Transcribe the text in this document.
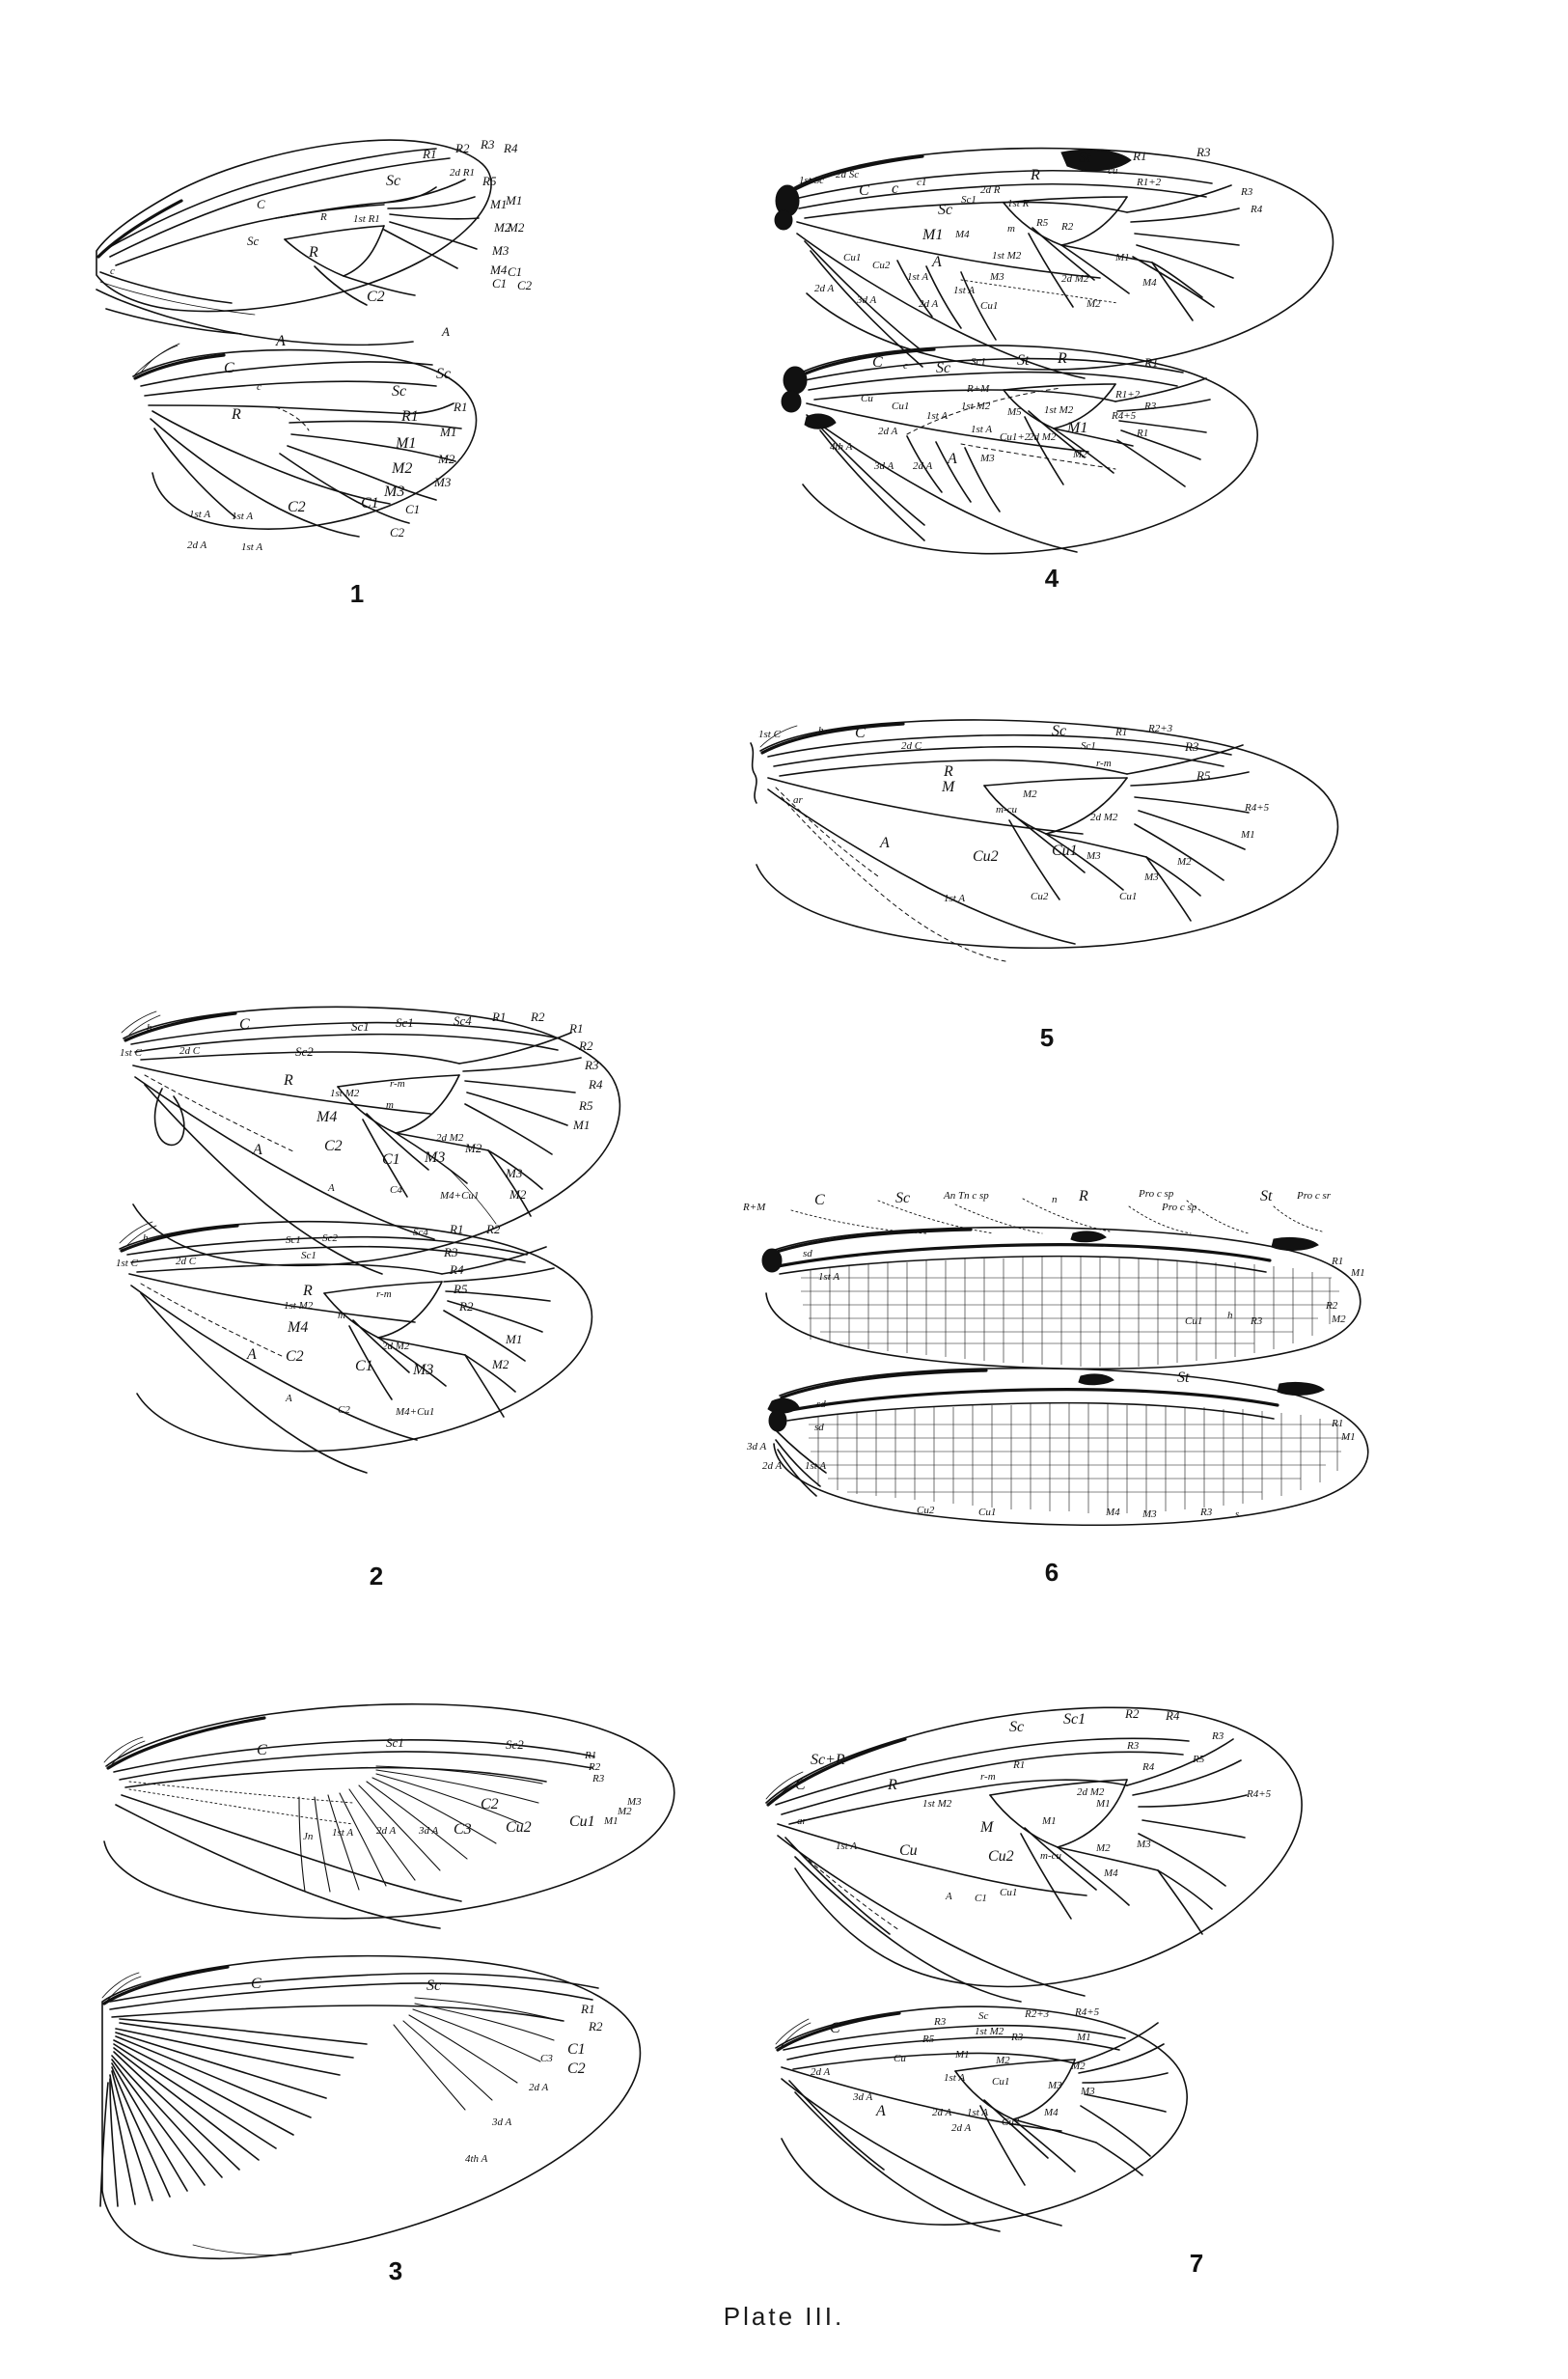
C
c
Sc
Sc
R
R 1st R1
2d R1
R1 R2 R3 R4
R5
M1
M2
M3
M4
M1
M2
C1
C1
C2
C2
A
A
C
c	Sc
Sc
R	R1
R1
M1
M2
M3
M1
M2
M3
C1 C1
C2
C2
1st A 1st A
2d A	1st A
1
h	C
1st C	2d C
Sc1 Sc1
Sc2
Sc4
R
R1 R2
R1
R2
R3
R4
R5
r-m
1st M2
m
2d M2
M1
M3
M2
M3
M2
M4
M4+Cu1
A
C1
C2
A	C4
h
1st C	2d C
Sc1 Sc2
Sc1
Sc4 R1 R2
R
R3
R4
R5
R2
r-m
1st M2
m
2d M2	M1
M3	M2
M4
M4+Cu1
A
C1
C2
A
C2
2
C	Sc1	Sc2
R1
R2
R3
Jn 1st A 2d A 3d A C3 Cu2 Cu1 M1
M2
M3
C2
C	Sc
R1
R2
C1
C2
2d A
3d A
4th A
C3
3
1st Sc 2d Sc
C c c1
Sc
Sc1
2d R
1st R
R
St
cu
R1
R1+2
R3
R3
R4
R5 R2
m
M1 M4
1st M2
2d M2
M1
M2
M4
M3
Cu1
Cu2
1st A
1st A
2d A
3d A	2d A	Cu1
A
C c Sc Sc1 St R
R+M
R1
R1+2
R3
R4+5
R1
M1
M5
1st M2	1st M2
2d M2
M2
M3
Cu
Cu1
1st A
2d A	1st A
Cu1+2
4th A
3d A 2d A A
4
1st C	h C
2d C
Sc
Sc1
R1 R2+3
R
R3
r-m
R5
R4+5
M	M2
m-cu
2d M2
M1
M2
M3
M3
A
ar
Cu2	Cu1
Cu1
1st A	Cu2
5
R+M	C	Sc	An Tn c sp	n R	Pro c sp
Pro c sp
St Pro c sr
R1
M1
R2
M2
sd
1st A
Cu1 h R3
sd
sd
St
R1
M1
3d A
2d A 1st A
Cu2	Cu1	M4 M3	R3 s
6
C
Sc	Sc1
Sc+R
R
R2 R4
R3
R3
R4
R5
R4+5
r-m
R1
1st M2
M
2d M2
M1
M1
M2 M3
M4
Cu	Cu2 m-cu
ar
1st A
A C1 Cu1
C	R3	Sc	R2+3 R4+5
R5
1st M2 R3	M1
Cu	M1 M2	M2
1st A	Cu1	M3 M3
2d A
3d A
A	2d A 1st A
2d A	Cu2
M4
7
Plate III.
